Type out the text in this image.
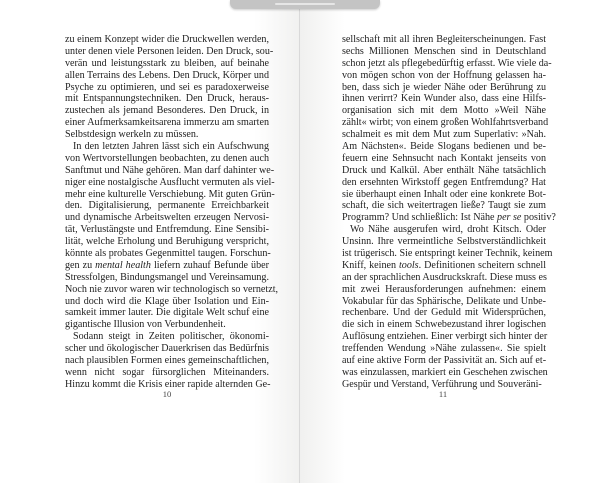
zu einem Konzept wider die Druckwellen werden,
unter denen viele Personen leiden. Den Druck, sou-
verän und leistungsstark zu bleiben, auf beinahe
allen Terrains des Lebens. Den Druck, Körper und
Psyche zu optimieren, und sei es paradoxerweise
mit Entspannungstechniken. Den Druck, heraus-
zustechen als jemand Besonderes. Den Druck, in
einer Aufmerksamkeitsarena immerzu am smarten
Selbstdesign werkeln zu müssen.
In den letzten Jahren lässt sich ein Aufschwung
von Wertvorstellungen beobachten, zu denen auch
Sanftmut und Nähe gehören. Man darf dahinter we-
niger eine nostalgische Ausflucht vermuten als viel-
mehr eine kulturelle Verschiebung. Mit guten Grün-
den. Digitalisierung, permanente Erreichbarkeit
und dynamische Arbeitswelten erzeugen Nervosi-
tät, Verlustängste und Entfremdung. Eine Sensibi-
lität, welche Erholung und Beruhigung verspricht,
könnte als probates Gegenmittel taugen. Forschun-
gen zu mental health liefern zuhauf Befunde über
Stressfolgen, Bindungsmangel und Vereinsamung.
Noch nie zuvor waren wir technologisch so vernetzt,
und doch wird die Klage über Isolation und Ein-
samkeit immer lauter. Die digitale Welt schuf eine
gigantische Illusion von Verbundenheit.
Sodann steigt in Zeiten politischer, ökonomi-
scher und ökologischer Dauerkrisen das Bedürfnis
nach plausiblen Formen eines gemeinschaftlichen,
wenn nicht sogar fürsorglichen Miteinanders.
Hinzu kommt die Krisis einer rapide alternden Ge-
10
sellschaft mit all ihren Begleiterscheinungen. Fast
sechs Millionen Menschen sind in Deutschland
schon jetzt als pflegebedürftig erfasst. Wie viele da-
von mögen schon von der Hoffnung gelassen ha-
ben, dass sich je wieder Nähe oder Berührung zu
ihnen verirrt? Kein Wunder also, dass eine Hilfs-
organisation sich mit dem Motto »Weil Nähe
zählt« wirbt; von einem großen Wohlfahrtsverband
schalmeit es mit dem Mut zum Superlativ: »Nah.
Am Nächsten«. Beide Slogans bedienen und be-
feuern eine Sehnsucht nach Kontakt jenseits von
Druck und Kalkül. Aber enthält Nähe tatsächlich
den ersehnten Wirkstoff gegen Entfremdung? Hat
sie überhaupt einen Inhalt oder eine konkrete Bot-
schaft, die sich weitertragen ließe? Taugt sie zum
Programm? Und schließlich: Ist Nähe per se positiv?
Wo Nähe ausgerufen wird, droht Kitsch. Oder
Unsinn. Ihre vermeintliche Selbstverständlichkeit
ist trügerisch. Sie entspringt keiner Technik, keinem
Kniff, keinen tools. Definitionen scheitern schnell
an der sprachlichen Ausdruckskraft. Diese muss es
mit zwei Herausforderungen aufnehmen: einem
Vokabular für das Sphärische, Delikate und Unbe-
rechenbare. Und der Geduld mit Widersprüchen,
die sich in einem Schwebezustand ihrer logischen
Auflösung entziehen. Einer verbirgt sich hinter der
treffenden Wendung »Nähe zulassen«. Sie spielt
auf eine aktive Form der Passivität an. Sich auf et-
was einzulassen, markiert ein Geschehen zwischen
Gespür und Verstand, Verführung und Souveräni-
11
